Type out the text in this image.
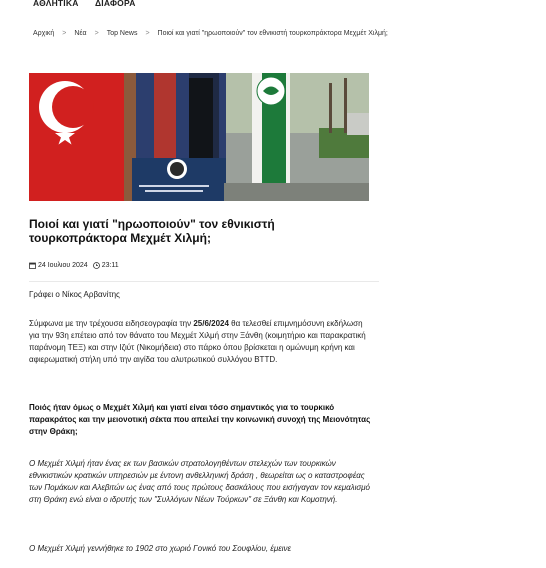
ΑΘΛΗΤΙΚΑ ΔΙΑΦΟΡΑ
Αρχική > Νέα > Top News > Ποιοί και γιατί "ηρωοποιούν" τον εθνικιστή τουρκοπράκτορα Μεχμέτ Χιλμή;
Ποιοί και γιατί "ηρωοποιούν" τον εθνικιστή τουρκοπράκτορα Μεχμέτ Χιλμή;
24 Ιουλιου 2024 23:11
Γράφει ο Νίκος Αρβανίτης
Σύμφωνα με την τρέχουσα ειδησεογραφία την 25/6/2024 θα τελεσθεί επιμνημόσυνη εκδήλωση για την 93η επέτειο από τον θάνατο του Μεχμέτ Χιλμή στην Ξάνθη (κοιμητήριο και παρακρατική παράνομη ΤΕΞ) και στην Ιζιύτ (Νικομήδεια) στο πάρκο όπου βρίσκεται η ομώνυμη κρήνη και αφιερωματική στήλη υπό την αιγίδα του αλυτρωτικού συλλόγου BTTD.
Ποιός ήταν όμως ο Μεχμέτ Χιλμή και γιατί είναι τόσο σημαντικός για το τουρκικό παρακράτος και την μειονοτική σέκτα που απειλεί την κοινωνική συνοχή της Μειονότητας στην Θράκη;
Ο Μεχμέτ Χιλμή ήταν ένας εκ των βασικών στρατολογηθέντων στελεχών των τουρκικών εθνικιστικών κρατικών υπηρεσιών με έντονη ανθελληνική δράση , θεωρείται ως ο καταστροφέας των Πομάκων και Αλεβιτών ως ένας από τους πρώτους δασκάλους που εισήγαγαν τον κεμαλισμό στη Θράκη ενώ είναι ο ιδρυτής των "Συλλόγων Νέων Τούρκων" σε Ξάνθη και Κομοτηνή.
Ο Μεχμέτ Χιλμή γεννήθηκε το 1902 στο χωριό Γονικό του Σουφλίου, έμεινε
